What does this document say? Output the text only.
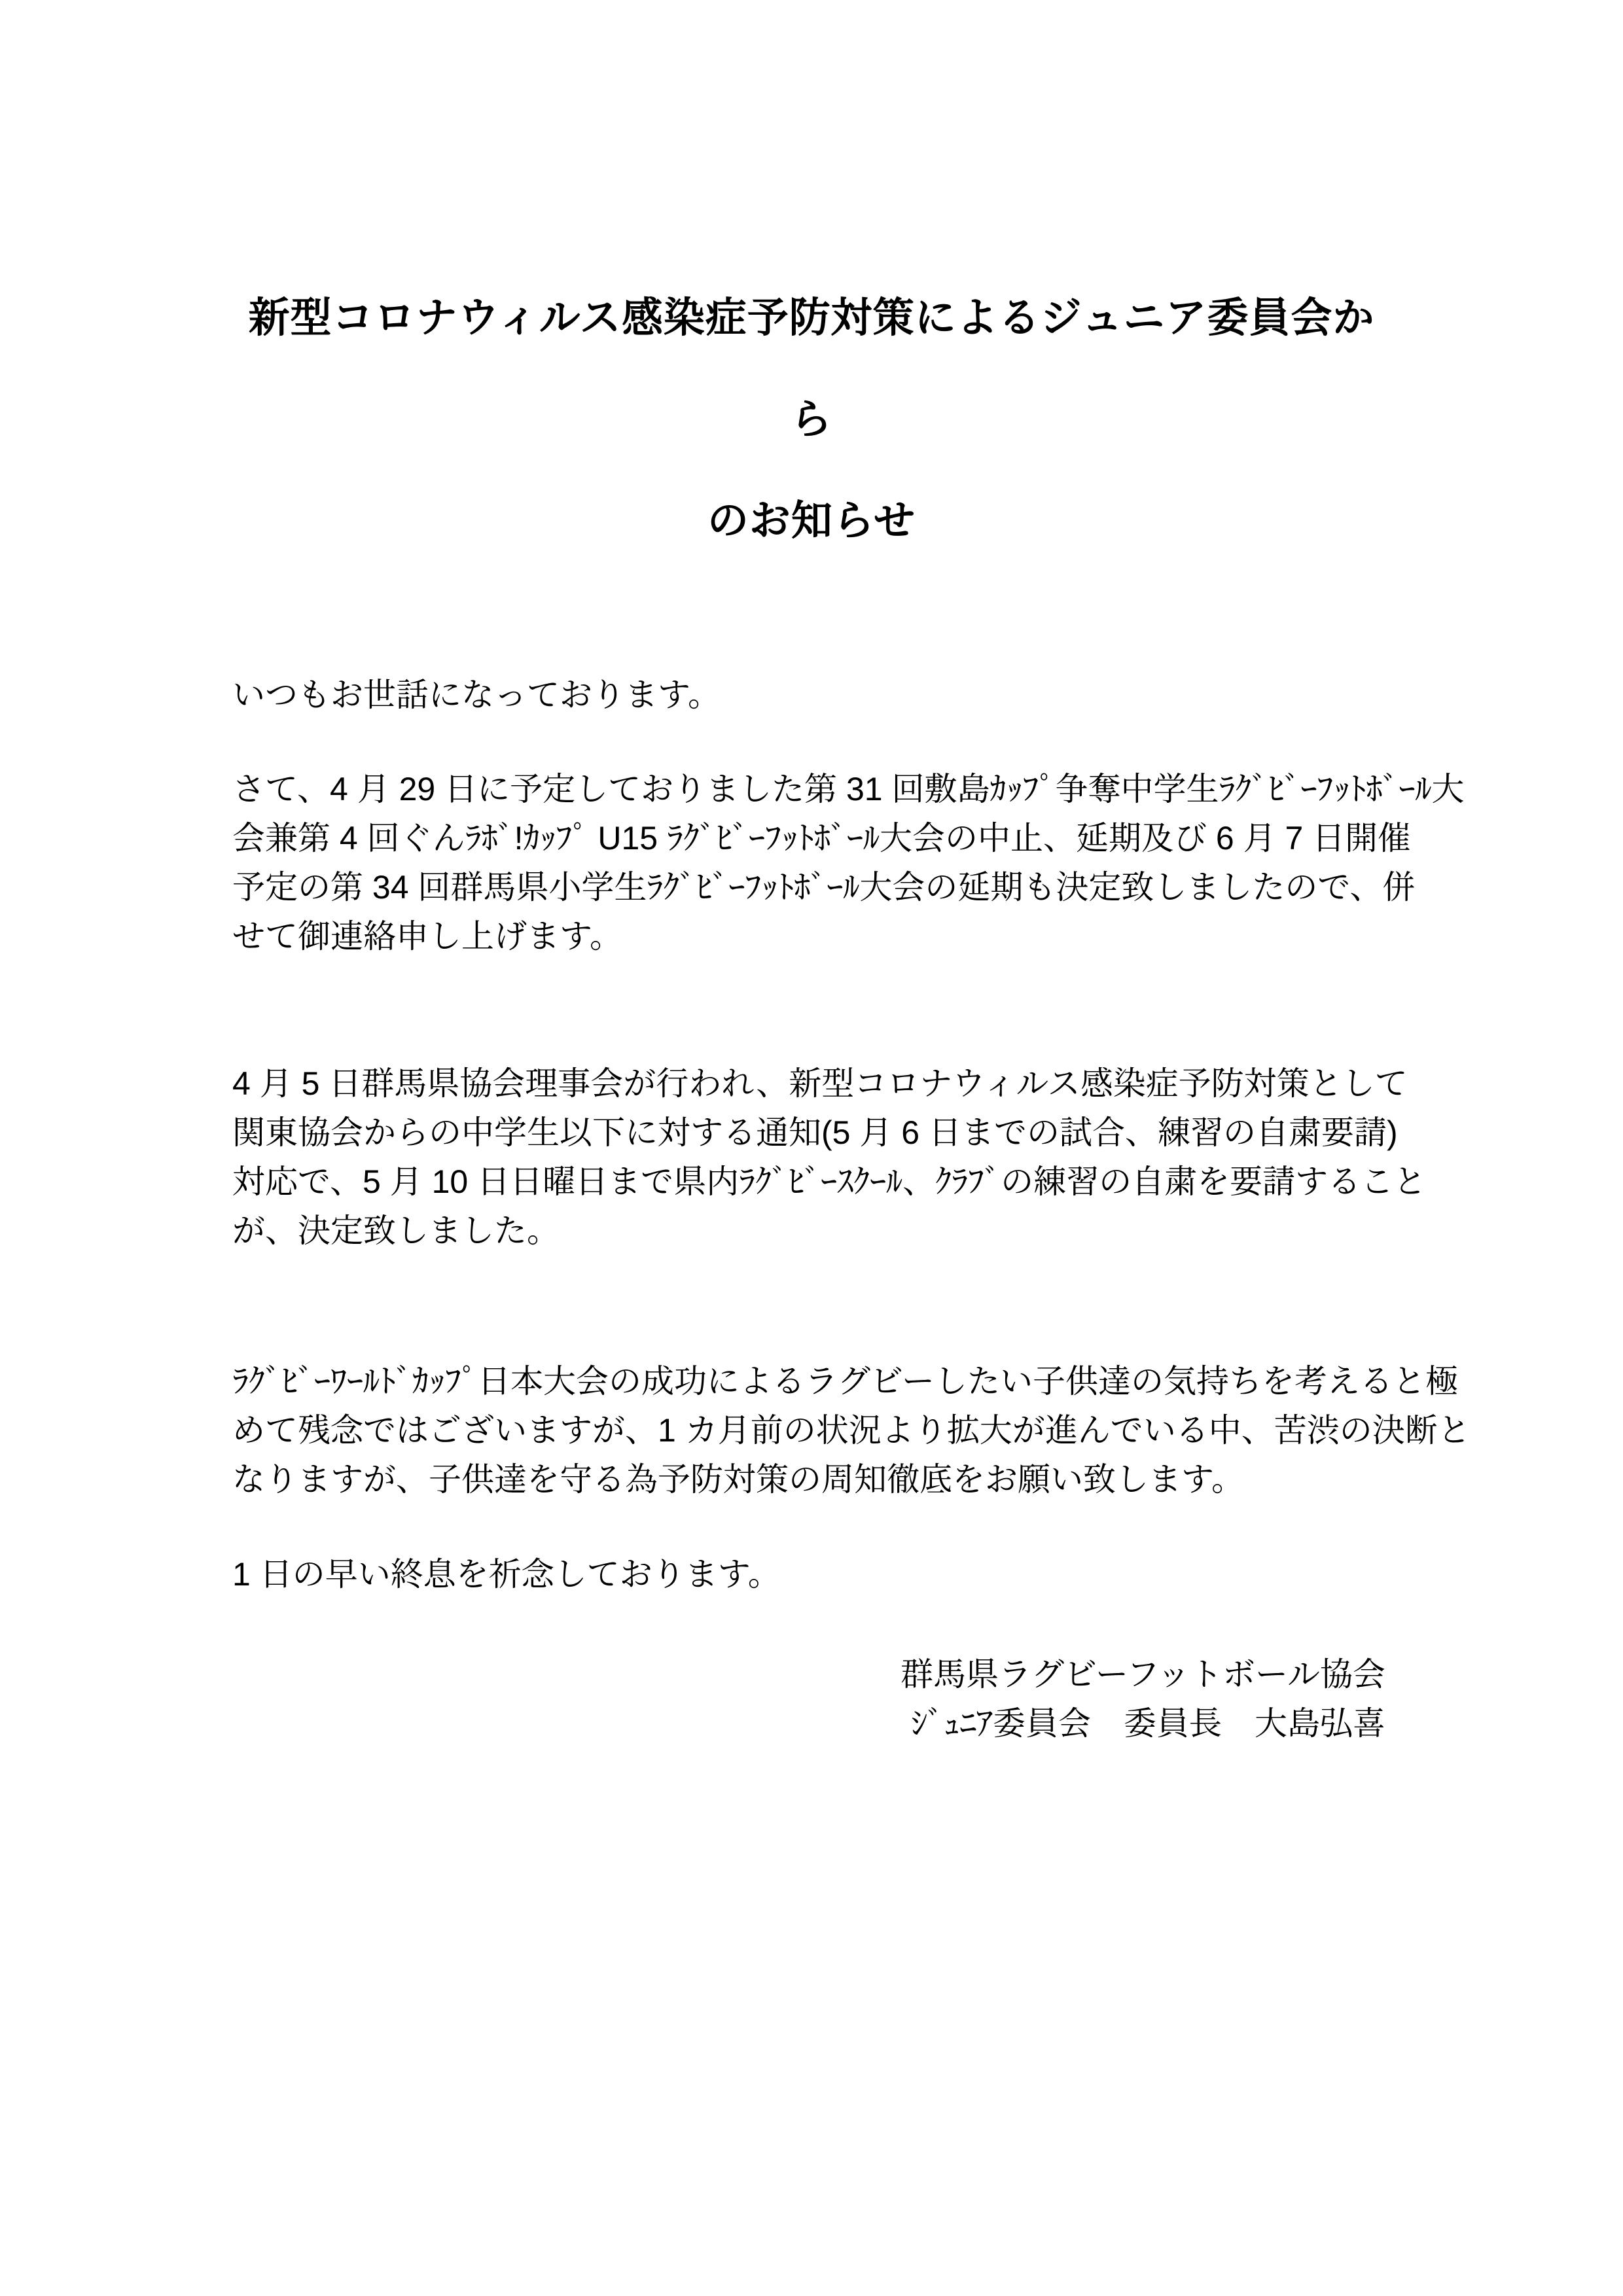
新型コロナウィルス感染症予防対策によるジュニア委員会から
のお知らせ
いつもお世話になっております。
さて、4 月 29 日に予定しておりました第 31 回敷島ｶｯﾌﾟ争奪中学生ﾗｸﾞﾋﾞｰﾌｯﾄﾎﾞｰﾙ大
会兼第 4 回ぐんﾗﾎﾞ!ｶｯﾌﾟ U15 ﾗｸﾞﾋﾞｰﾌｯﾄﾎﾞｰﾙ大会の中止、延期及び 6 月 7 日開催
予定の第 34 回群馬県小学生ﾗｸﾞﾋﾞｰﾌｯﾄﾎﾞｰﾙ大会の延期も決定致しましたので、併
せて御連絡申し上げます。
4 月 5 日群馬県協会理事会が行われ、新型コロナウィルス感染症予防対策として
関東協会からの中学生以下に対する通知(5 月 6 日までの試合、練習の自粛要請)
対応で、5 月 10 日日曜日まで県内ﾗｸﾞﾋﾞｰｽｸｰﾙ、ｸﾗﾌﾞの練習の自粛を要請すること
が、決定致しました。
ﾗｸﾞﾋﾞｰﾜｰﾙﾄﾞｶｯﾌﾟ日本大会の成功によるラグビーしたい子供達の気持ちを考えると極
めて残念ではございますが、1 カ月前の状況より拡大が進んでいる中、苦渋の決断と
なりますが、子供達を守る為予防対策の周知徹底をお願い致します。
1 日の早い終息を祈念しております。
群馬県ラグビーフットボール協会
ｼﾞｭﾆｱ委員会　委員長　大島弘喜
